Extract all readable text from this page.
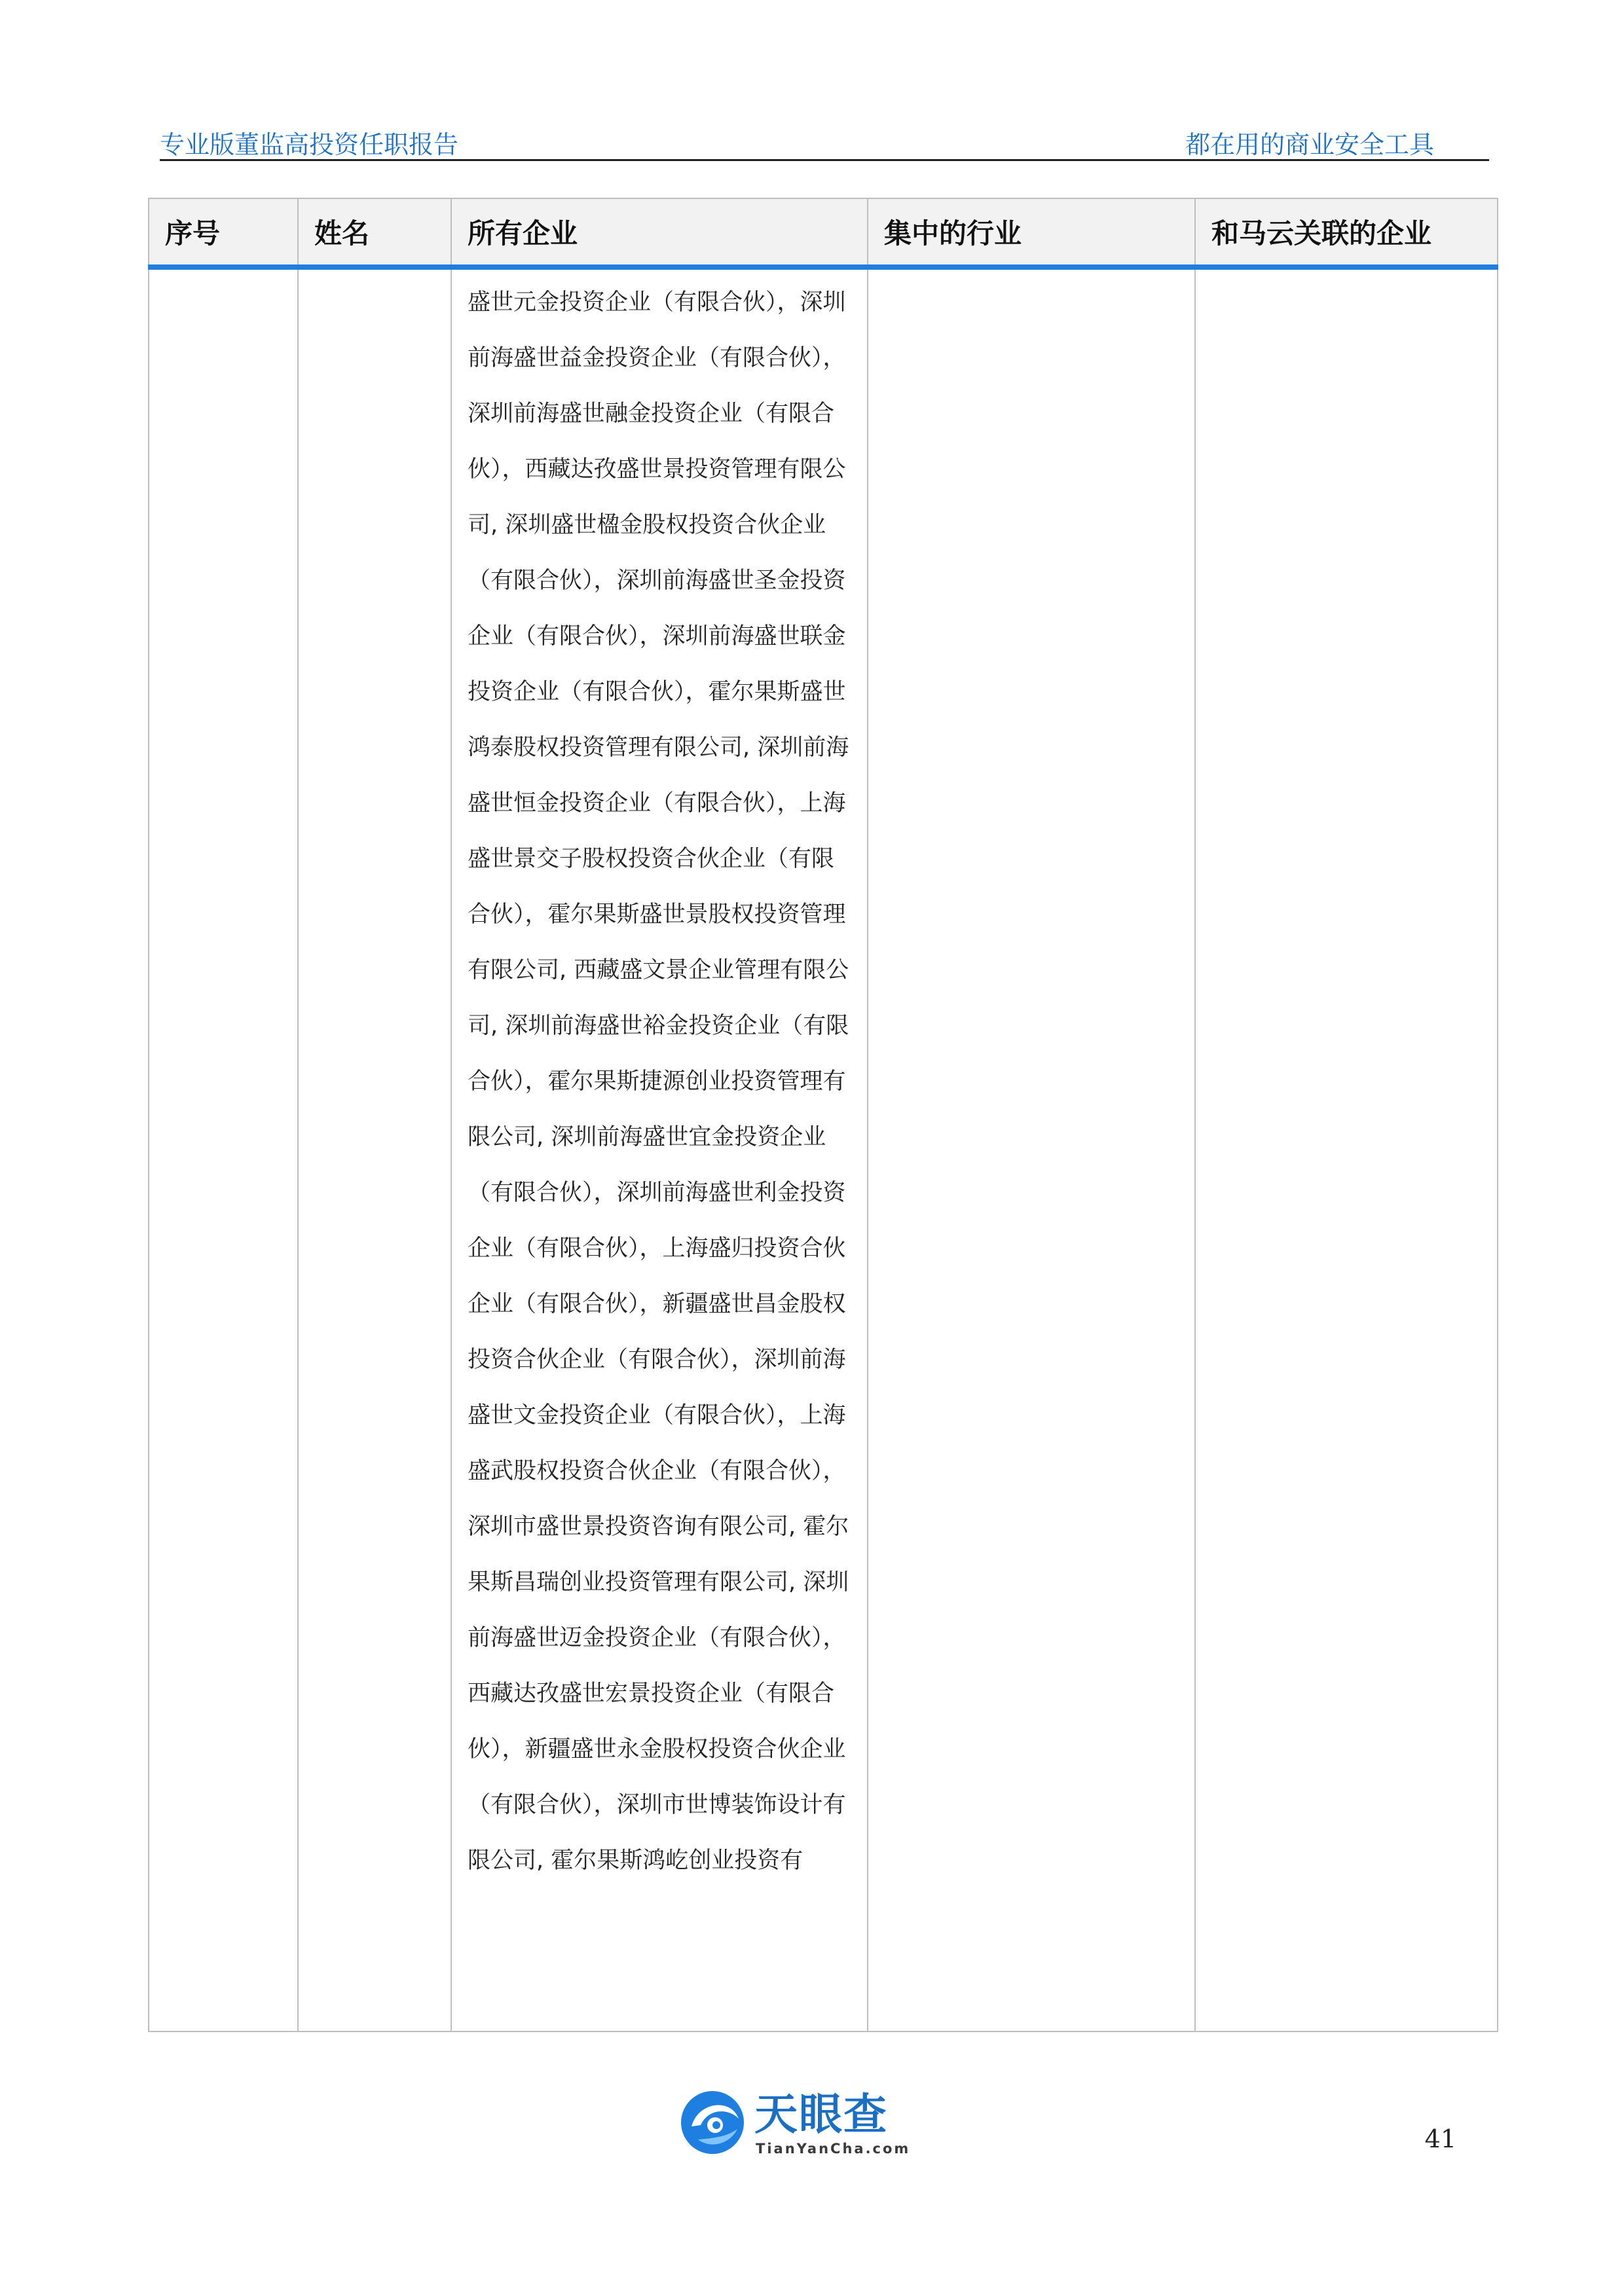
专业版董监高投资任职报告	都在用的商业安全工具
序号	姓名	所有企业	集中的行业	和马云关联的企业

		盛世元金投资企业（有限合伙），深圳前海盛世益金投资企业（有限合伙），深圳前海盛世融金投资企业（有限合伙），西藏达孜盛世景投资管理有限公司, 深圳盛世楹金股权投资合伙企业（有限合伙），深圳前海盛世圣金投资企业（有限合伙），深圳前海盛世联金投资企业（有限合伙），霍尔果斯盛世鸿泰股权投资管理有限公司, 深圳前海盛世恒金投资企业（有限合伙），上海盛世景交子股权投资合伙企业（有限合伙），霍尔果斯盛世景股权投资管理有限公司, 西藏盛文景企业管理有限公司, 深圳前海盛世裕金投资企业（有限合伙），霍尔果斯捷源创业投资管理有限公司, 深圳前海盛世宜金投资企业（有限合伙），深圳前海盛世利金投资企业（有限合伙），上海盛归投资合伙企业（有限合伙），新疆盛世昌金股权投资合伙企业（有限合伙），深圳前海盛世文金投资企业（有限合伙），上海盛武股权投资合伙企业（有限合伙），深圳市盛世景投资咨询有限公司, 霍尔果斯昌瑞创业投资管理有限公司, 深圳前海盛世迈金投资企业（有限合伙），西藏达孜盛世宏景投资企业（有限合伙），新疆盛世永金股权投资合伙企业（有限合伙），深圳市世博装饰设计有限公司, 霍尔果斯鸿屹创业投资有		

天眼查
TianYanCha.com	41
